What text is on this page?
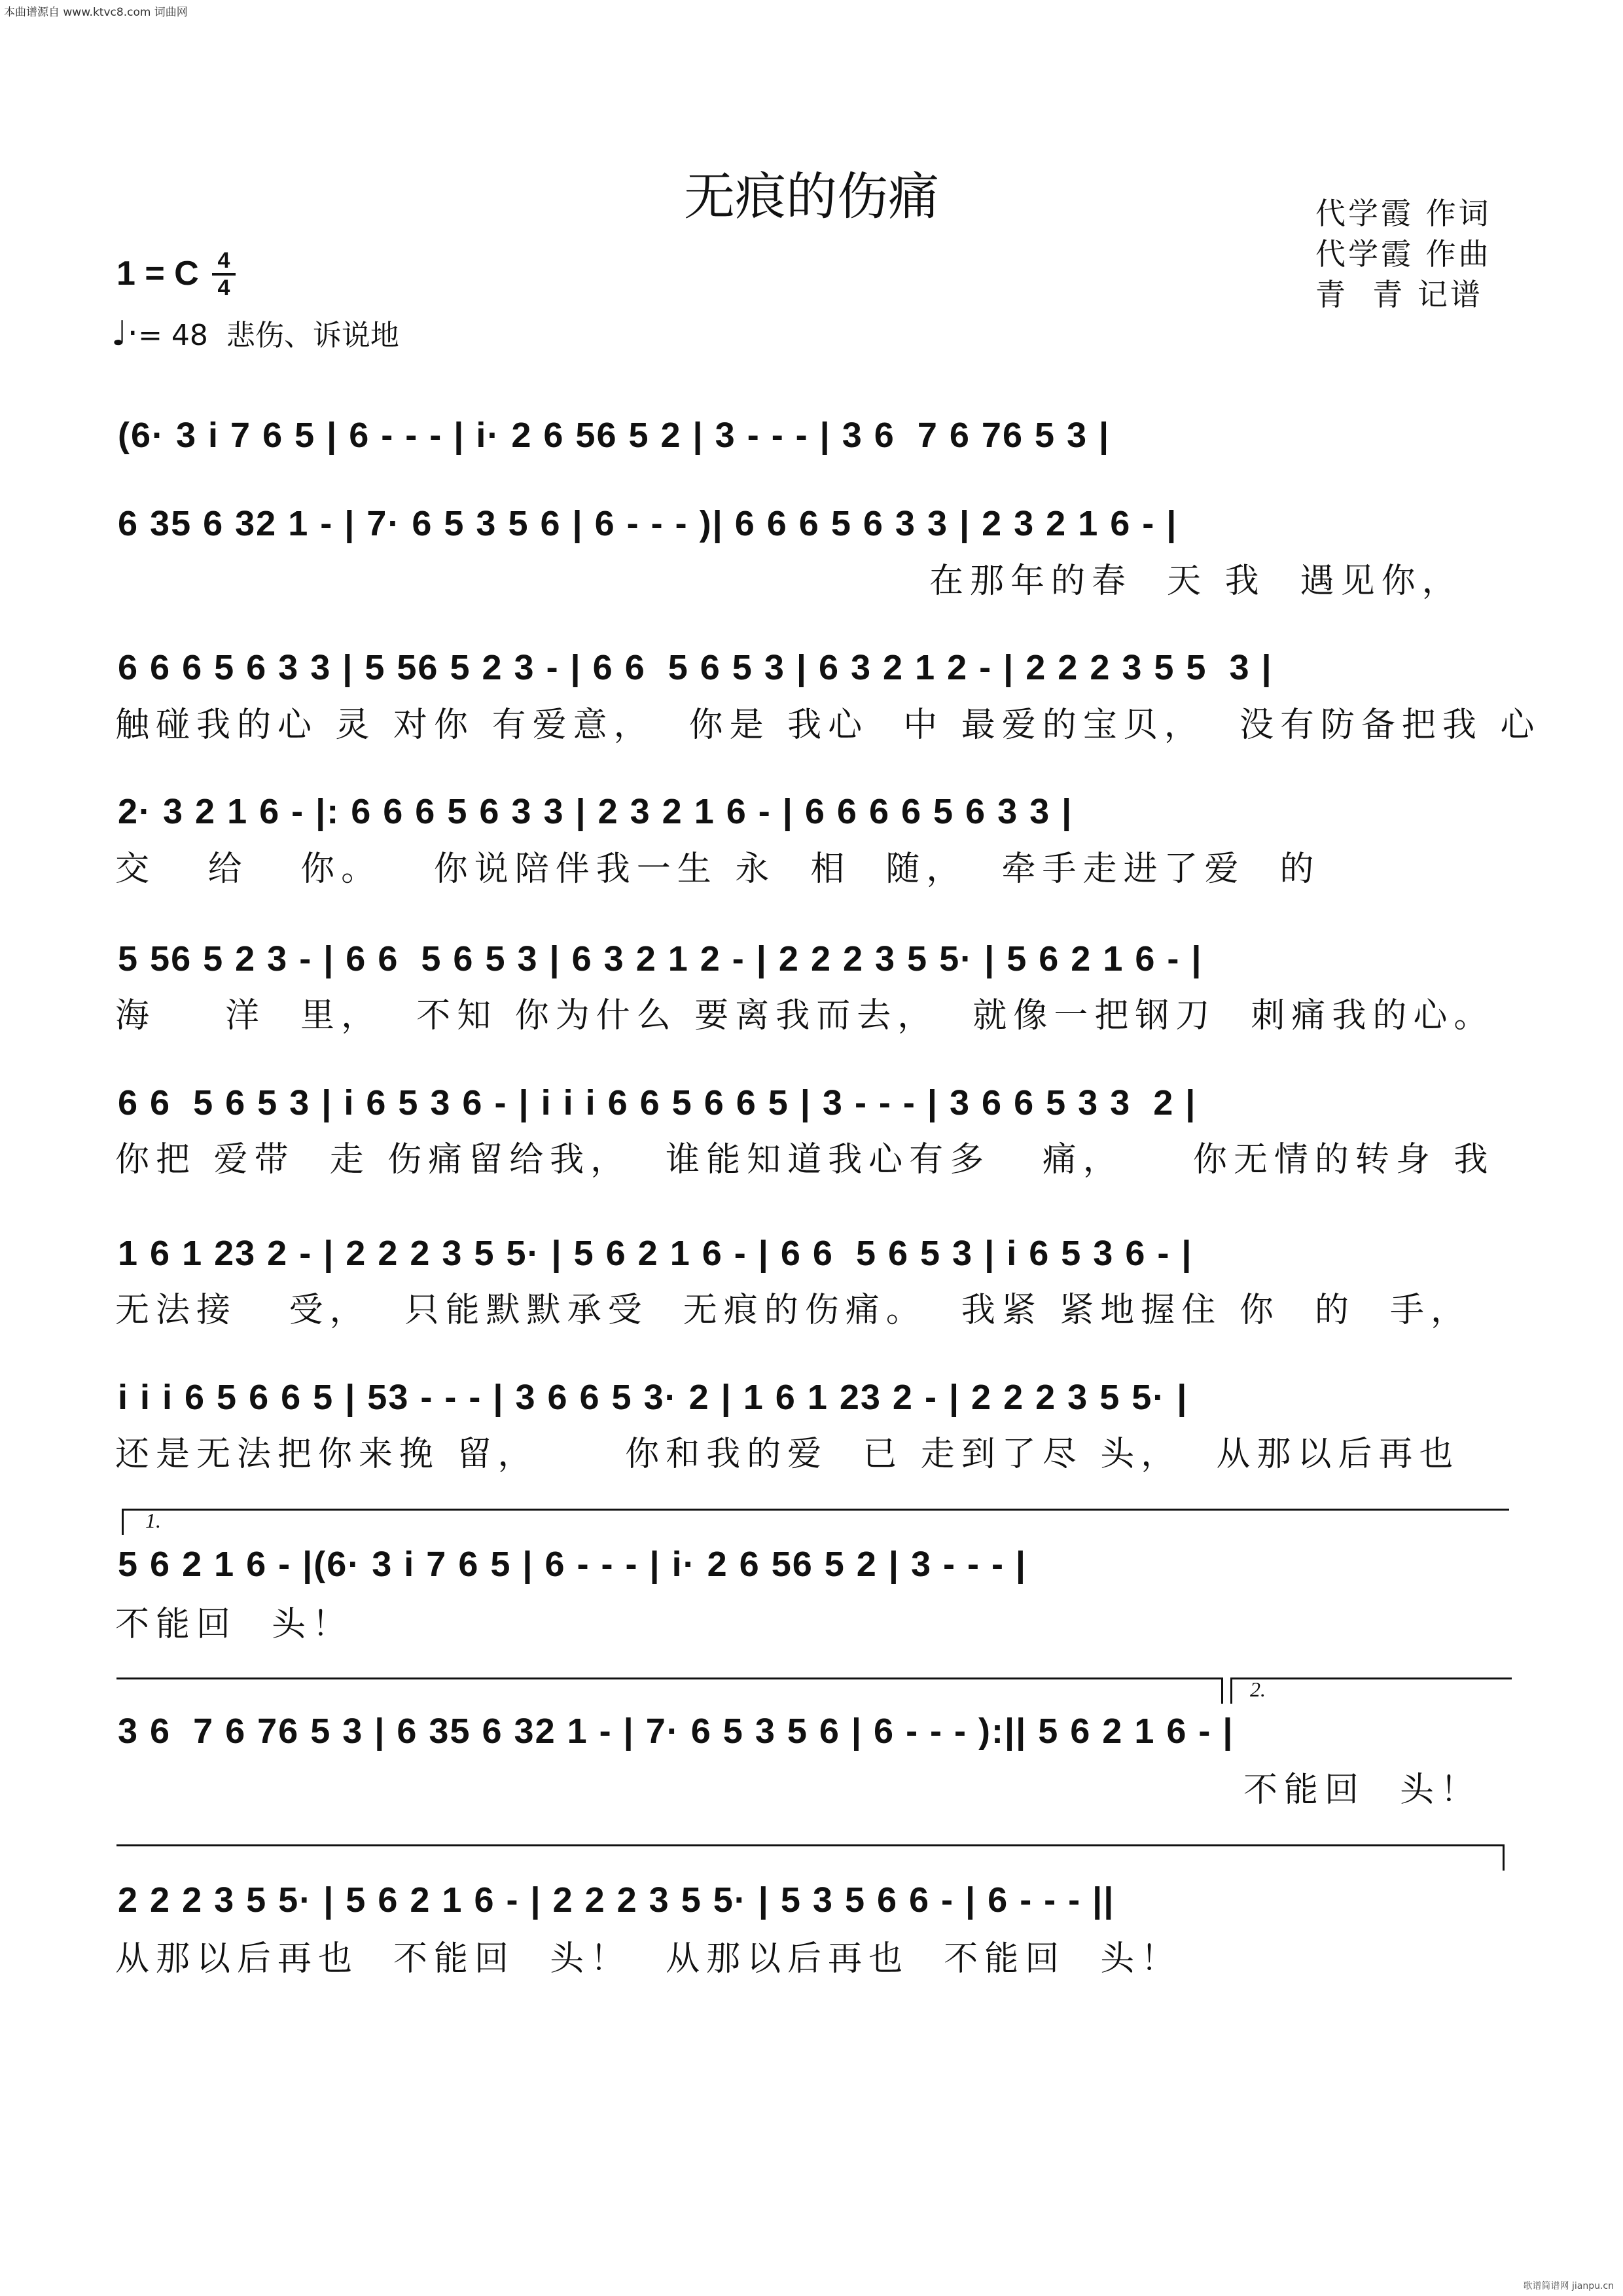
本曲谱源自 www.ktvc8.com 词曲网
无痕的伤痛	代学霞 作词
代学霞 作曲
青  青 记谱
1 = C 4
4
♩·= 48  悲伤、诉说地
(6· 3 i 7 6 5 | 6 - - - | i· 2 6 56 5 2 | 3 - - - | 3 6  7 6 76 5 3 |
6 35 6 32 1 - | 7· 6 5 3 5 6 | 6 - - - )| 6 6 6 5 6 3 3 | 2 3 2 1 6 - |
在那年的春  天 我  遇见你，
6 6 6 5 6 3 3 | 5 56 5 2 3 - | 6 6  5 6 5 3 | 6 3 2 1 2 - | 2 2 2 3 5 5  3 |
触碰我的心 灵 对你 有爱意，  你是 我心  中 最爱的宝贝，  没有防备把我 心
2· 3 2 1 6 - |: 6 6 6 5 6 3 3 | 2 3 2 1 6 - | 6 6 6 6 5 6 3 3 |
交   给   你。   你说陪伴我一生 永  相  随，  牵手走进了爱  的
5 56 5 2 3 - | 6 6  5 6 5 3 | 6 3 2 1 2 - | 2 2 2 3 5 5· | 5 6 2 1 6 - |
海    洋  里，  不知 你为什么 要离我而去，  就像一把钢刀  刺痛我的心。
6 6  5 6 5 3 | i 6 5 3 6 - | i i i 6 6 5 6 6 5 | 3 - - - | 3 6 6 5 3 3  2 |
你把 爱带  走 伤痛留给我，  谁能知道我心有多   痛，    你无情的转身 我
1 6 1 23 2 - | 2 2 2 3 5 5· | 5 6 2 1 6 - | 6 6  5 6 5 3 | i 6 5 3 6 - |
无法接   受，  只能默默承受  无痕的伤痛。  我紧 紧地握住 你  的  手，
i i i 6 5 6 6 5 | 53 - - - | 3 6 6 5 3· 2 | 1 6 1 23 2 - | 2 2 2 3 5 5· |
还是无法把你来挽 留，     你和我的爱  已 走到了尽 头，  从那以后再也
1.
5 6 2 1 6 - |(6· 3 i 7 6 5 | 6 - - - | i· 2 6 56 5 2 | 3 - - - |
不能回  头！
2.
3 6  7 6 76 5 3 | 6 35 6 32 1 - | 7· 6 5 3 5 6 | 6 - - - ):|| 5 6 2 1 6 - |
不能回  头！
2 2 2 3 5 5· | 5 6 2 1 6 - | 2 2 2 3 5 5· | 5 3 5 6 6 - | 6 - - - ||
从那以后再也  不能回  头！  从那以后再也  不能回  头！
歌谱简谱网 jianpu.cn
